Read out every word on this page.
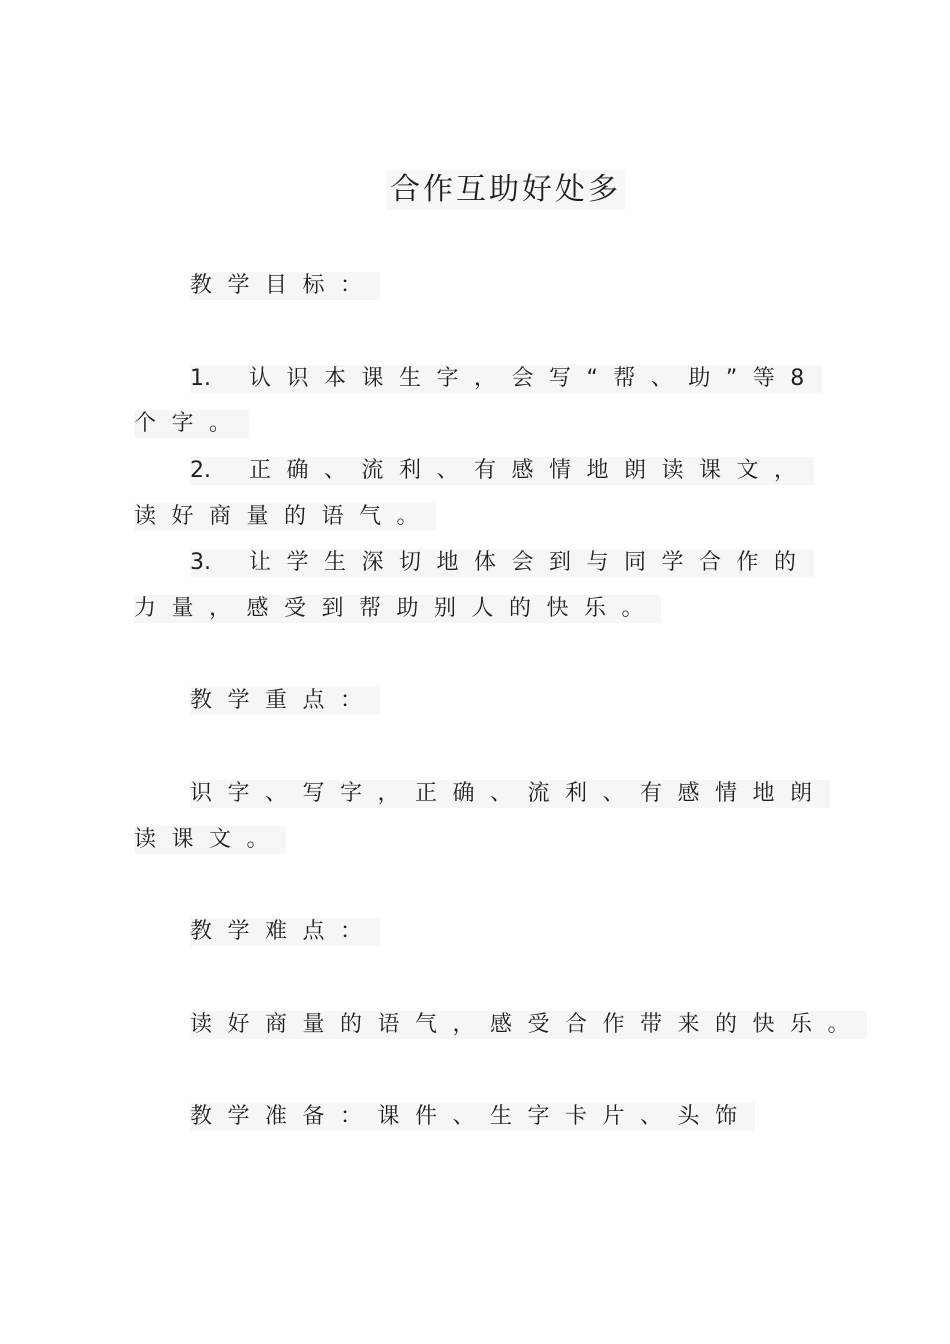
合作互助好处多
教学目标：
1. 认识本课生字，会写“帮、助”等8
个字。
2. 正确、流利、有感情地朗读课文，
读好商量的语气。
3. 让学生深切地体会到与同学合作的
力量，感受到帮助别人的快乐。
教学重点：
识字、写字，正确、流利、有感情地朗
读课文。
教学难点：
读好商量的语气，感受合作带来的快乐。
教学准备：课件、生字卡片、头饰
